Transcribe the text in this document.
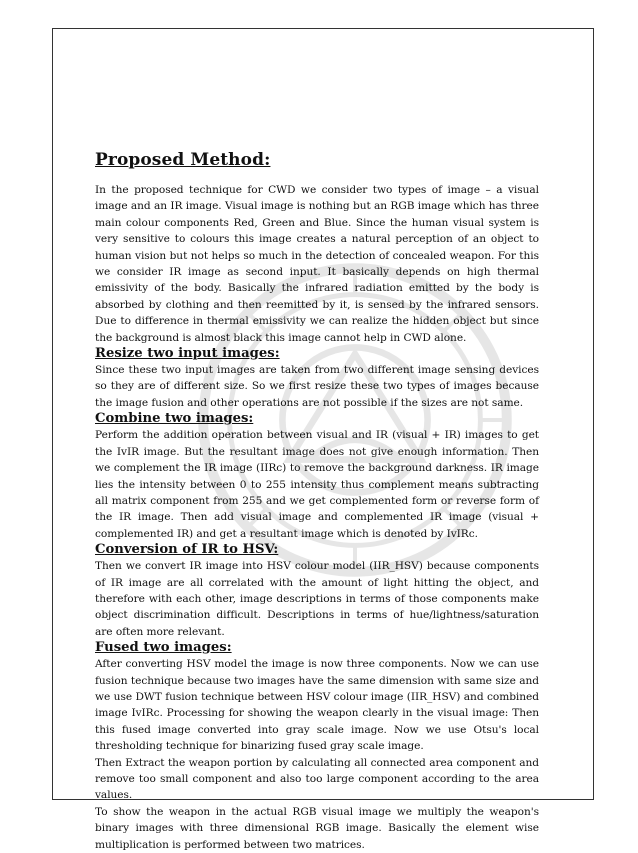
Proposed Method:

In the proposed technique for CWD we consider two types of image – a visual image and an IR image. Visual image is nothing but an RGB image which has three main colour components Red, Green and Blue. Since the human visual system is very sensitive to colours this image creates a natural perception of an object to human vision but not helps so much in the detection of concealed weapon. For this we consider IR image as second input. It basically depends on high thermal emissivity of the body. Basically the infrared radiation emitted by the body is absorbed by clothing and then reemitted by it, is sensed by the infrared sensors. Due to difference in thermal emissivity we can realize the hidden object but since the background is almost black this image cannot help in CWD alone.

Resize two input images:

Since these two input images are taken from two different image sensing devices so they are of different size. So we first resize these two types of images because the image fusion and other operations are not possible if the sizes are not same.

Combine two images:

Perform the addition operation between visual and IR (visual + IR) images to get the IvIR image. But the resultant image does not give enough information. Then we complement the IR image (IIRc) to remove the background darkness. IR image lies the intensity between 0 to 255 intensity thus complement means subtracting all matrix component from 255 and we get complemented form or reverse form of the IR image. Then add visual image and complemented IR image (visual + complemented IR) and get a resultant image which is denoted by IvIRc.

Conversion of IR to HSV:

Then we convert IR image into HSV colour model (IIR_HSV) because components of IR image are all correlated with the amount of light hitting the object, and therefore with each other, image descriptions in terms of those components make object discrimination difficult. Descriptions in terms of hue/lightness/saturation are often more relevant.

Fused two images:

After converting HSV model the image is now three components. Now we can use fusion technique because two images have the same dimension with same size and we use DWT fusion technique between HSV colour image (IIR_HSV) and combined image IvIRc. Processing for showing the weapon clearly in the visual image: Then this fused image converted into gray scale image. Now we use Otsu's local thresholding technique for binarizing fused gray scale image.

Then Extract the weapon portion by calculating all connected area component and remove too small component and also too large component according to the area values.

To show the weapon in the actual RGB visual image we multiply the weapon's binary images with three dimensional RGB image. Basically the element wise multiplication is performed between two matrices.
